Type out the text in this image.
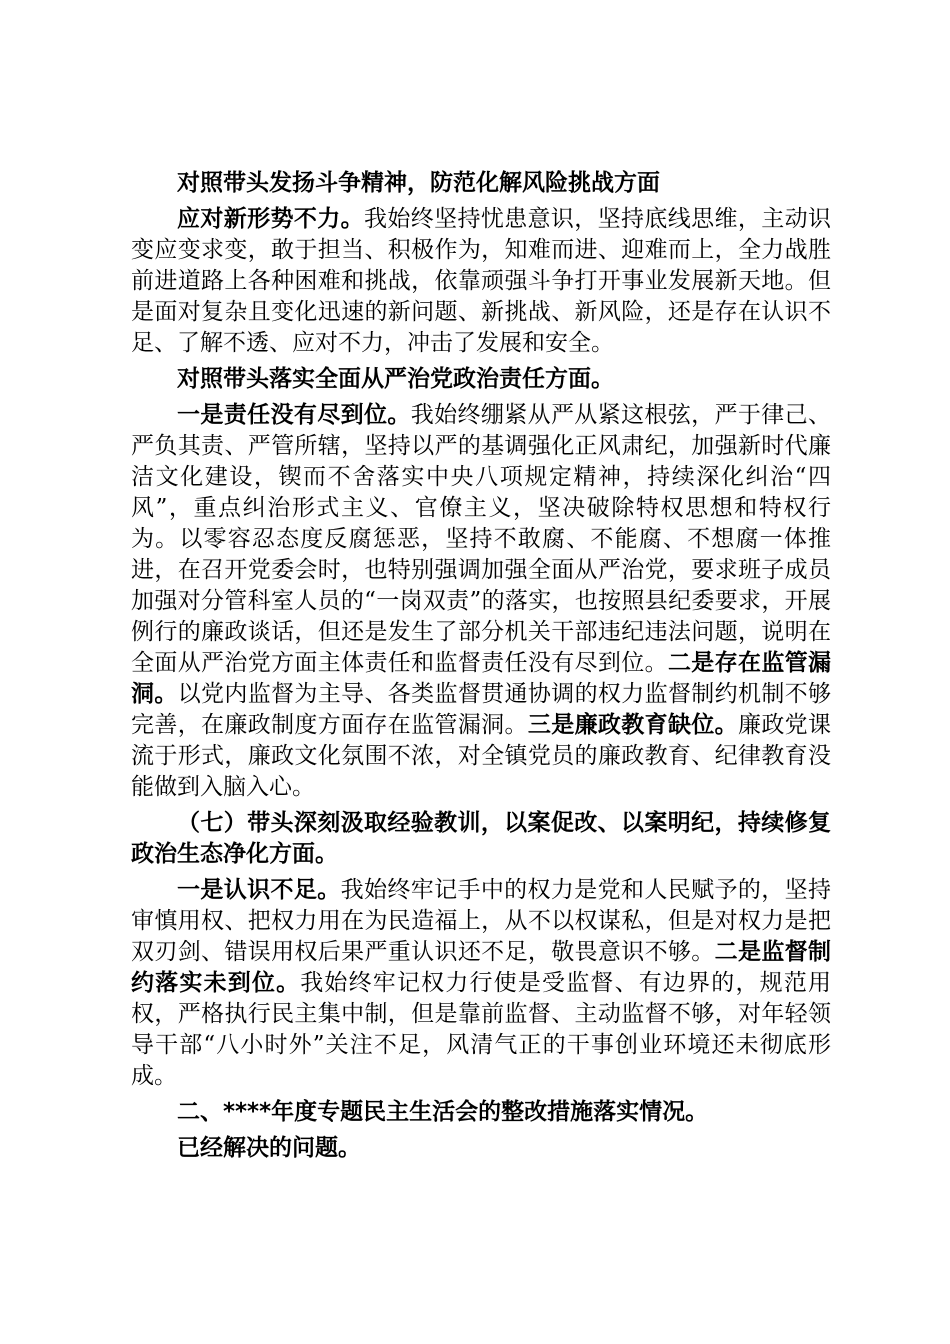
对照带头发扬斗争精神，防范化解风险挑战方面

应对新形势不力。我始终坚持忧患意识，坚持底线思维，主动识变应变求变，敢于担当、积极作为，知难而进、迎难而上，全力战胜前进道路上各种困难和挑战，依靠顽强斗争打开事业发展新天地。但是面对复杂且变化迅速的新问题、新挑战、新风险，还是存在认识不足、了解不透、应对不力，冲击了发展和安全。

对照带头落实全面从严治党政治责任方面。

一是责任没有尽到位。我始终绷紧从严从紧这根弦，严于律己、严负其责、严管所辖，坚持以严的基调强化正风肃纪，加强新时代廉洁文化建设，锲而不舍落实中央八项规定精神，持续深化纠治“四风”，重点纠治形式主义、官僚主义，坚决破除特权思想和特权行为。以零容忍态度反腐惩恶，坚持不敢腐、不能腐、不想腐一体推进，在召开党委会时，也特别强调加强全面从严治党，要求班子成员加强对分管科室人员的“一岗双责”的落实，也按照县纪委要求，开展例行的廉政谈话，但还是发生了部分机关干部违纪违法问题，说明在全面从严治党方面主体责任和监督责任没有尽到位。二是存在监管漏洞。以党内监督为主导、各类监督贯通协调的权力监督制约机制不够完善，在廉政制度方面存在监管漏洞。三是廉政教育缺位。廉政党课流于形式，廉政文化氛围不浓，对全镇党员的廉政教育、纪律教育没能做到入脑入心。

（七）带头深刻汲取经验教训，以案促改、以案明纪，持续修复政治生态净化方面。

一是认识不足。我始终牢记手中的权力是党和人民赋予的，坚持审慎用权、把权力用在为民造福上，从不以权谋私，但是对权力是把双刃剑、错误用权后果严重认识还不足，敬畏意识不够。二是监督制约落实未到位。我始终牢记权力行使是受监督、有边界的，规范用权，严格执行民主集中制，但是靠前监督、主动监督不够，对年轻领导干部“八小时外”关注不足，风清气正的干事创业环境还未彻底形成。

二、****年度专题民主生活会的整改措施落实情况。

已经解决的问题。
